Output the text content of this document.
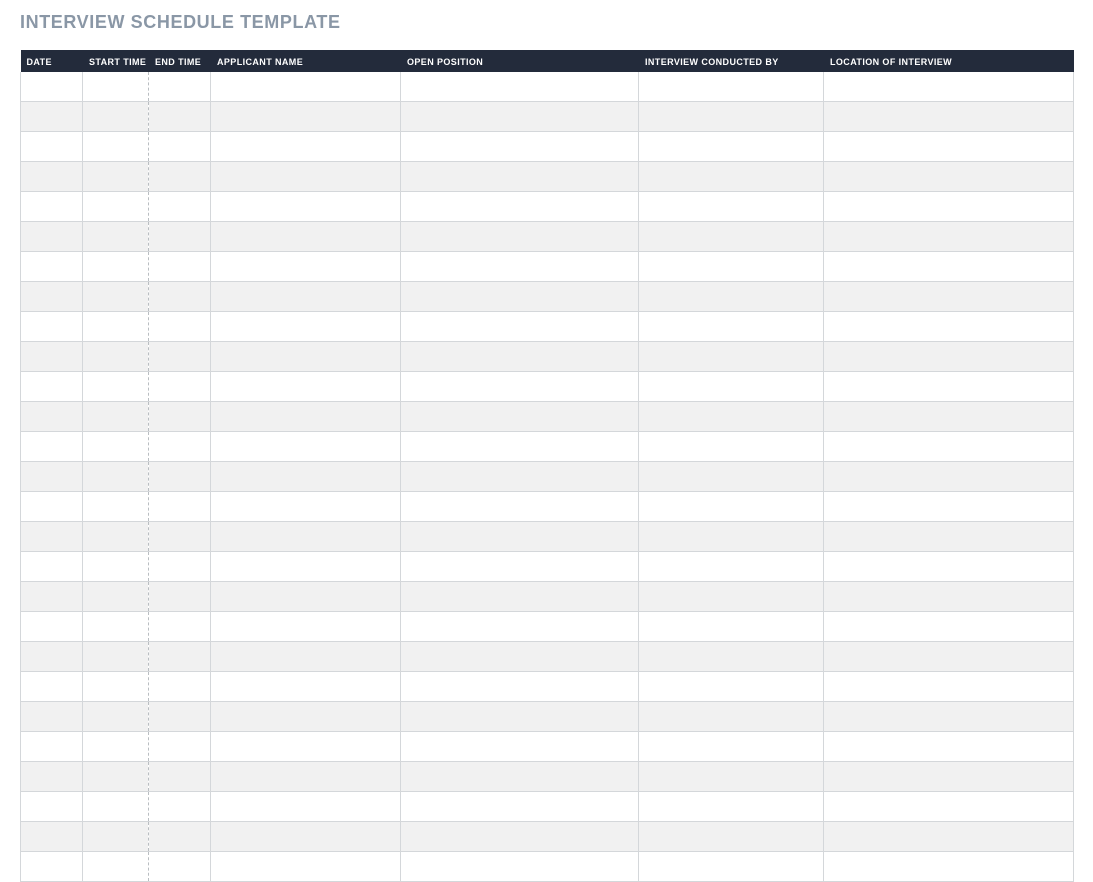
INTERVIEW SCHEDULE TEMPLATE
DATE	START TIME	END TIME	APPLICANT NAME	OPEN POSITION	INTERVIEW CONDUCTED BY	LOCATION OF INTERVIEW
